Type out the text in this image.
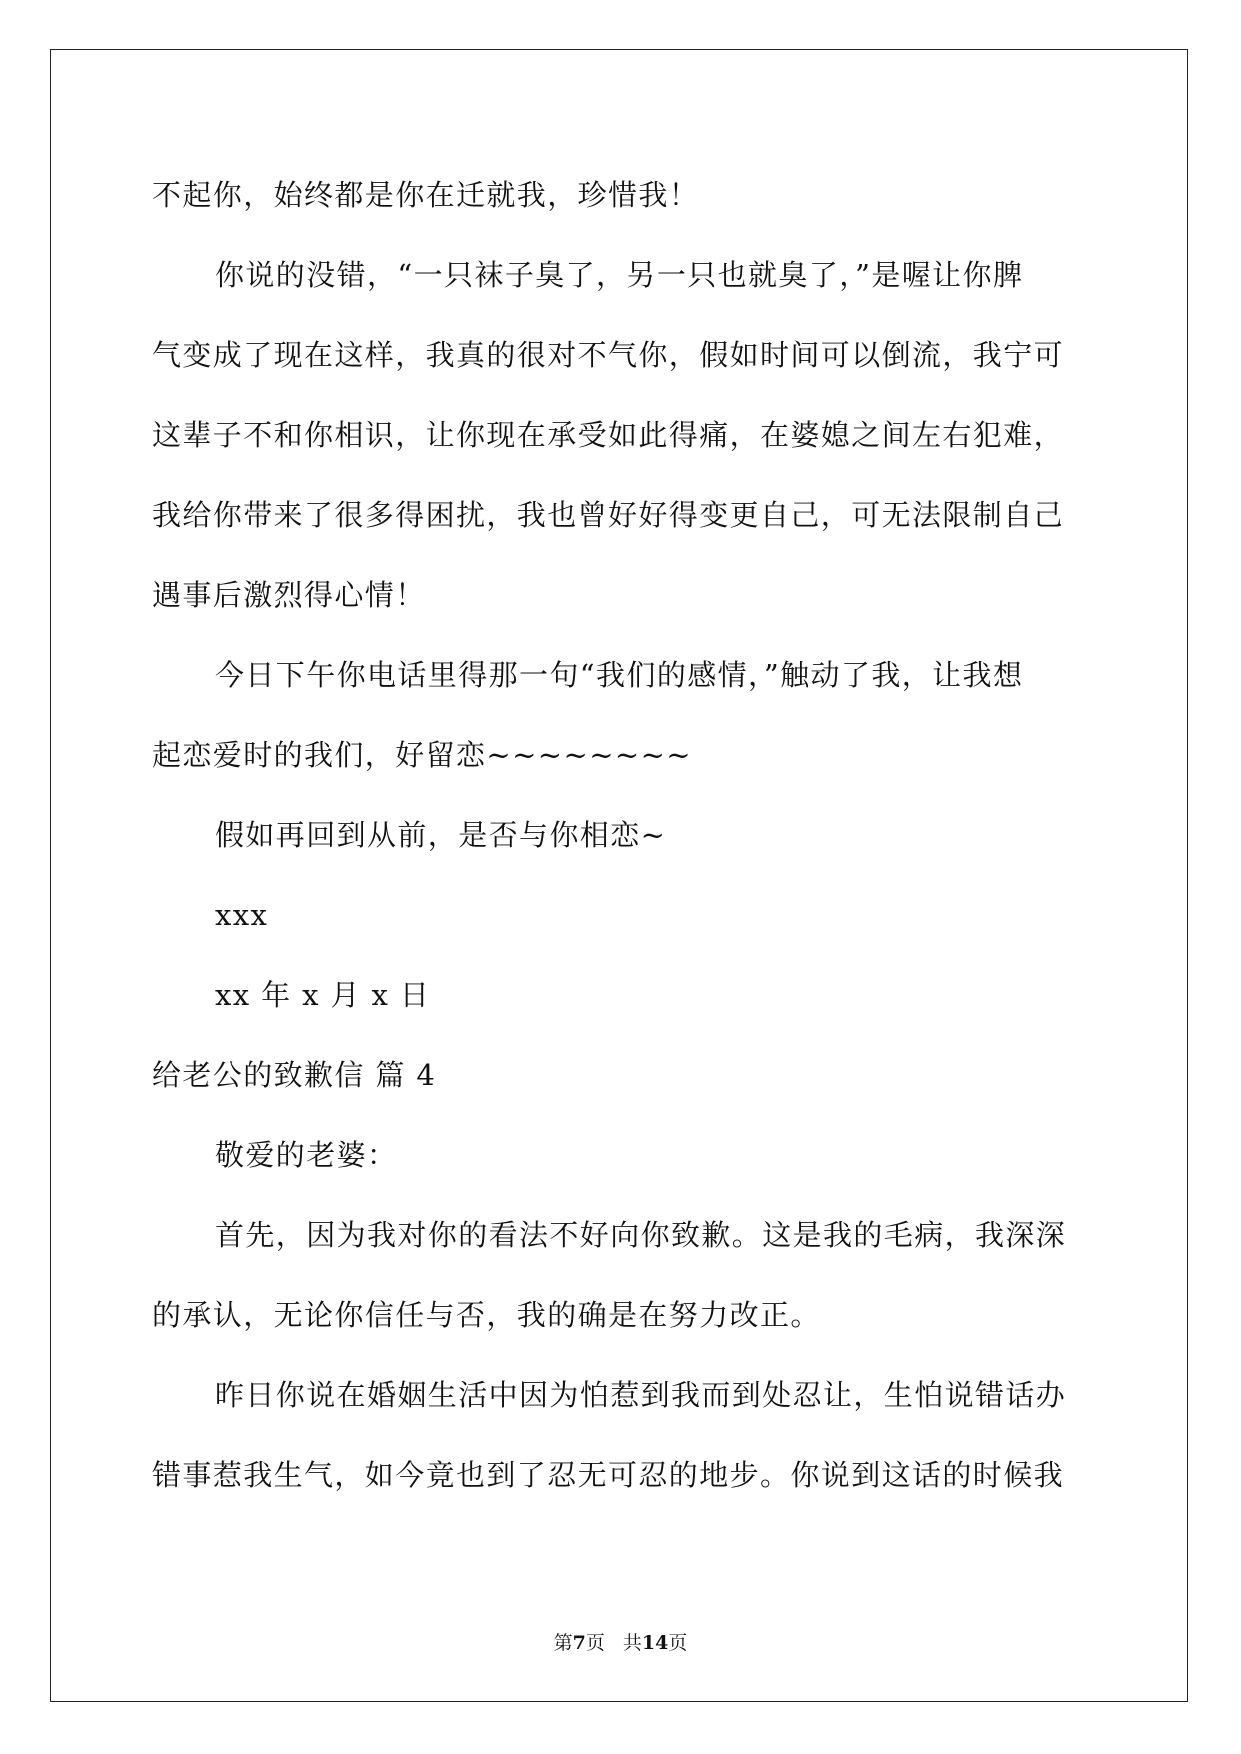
不起你，始终都是你在迁就我，珍惜我！
你说的没错，“一只袜子臭了，另一只也就臭了，”是喔让你脾
气变成了现在这样，我真的很对不气你，假如时间可以倒流，我宁可
这辈子不和你相识，让你现在承受如此得痛，在婆媳之间左右犯难，
我给你带来了很多得困扰，我也曾好好得变更自己，可无法限制自己
遇事后激烈得心情！
今日下午你电话里得那一句“我们的感情，”触动了我，让我想
起恋爱时的我们，好留恋~~~~~~~~
假如再回到从前，是否与你相恋~
xxx
xx 年 x 月 x 日
给老公的致歉信 篇 4
敬爱的老婆：
首先，因为我对你的看法不好向你致歉。这是我的毛病，我深深
的承认，无论你信任与否，我的确是在努力改正。
昨日你说在婚姻生活中因为怕惹到我而到处忍让，生怕说错话办
错事惹我生气，如今竟也到了忍无可忍的地步。你说到这话的时候我
第7页 共14页
